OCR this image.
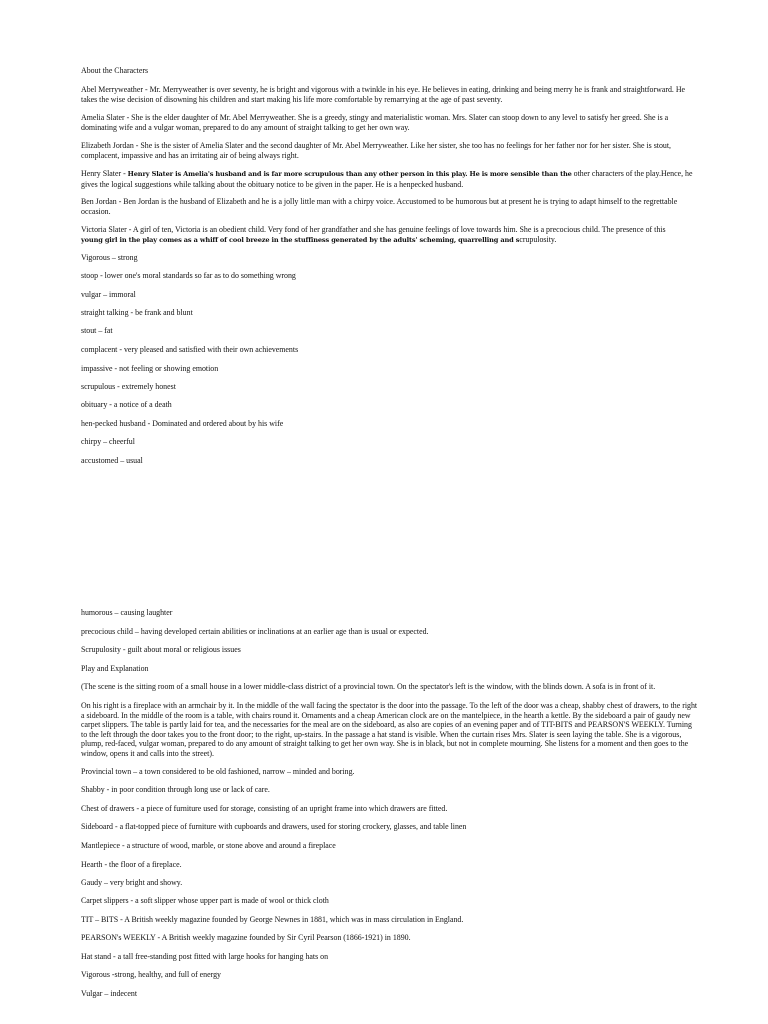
About the Characters

Abel Merryweather - Mr. Merryweather is over seventy, he is bright and vigorous with a twinkle in his eye. He believes in eating, drinking and being merry he is frank and straightforward. He takes the wise decision of disowning his children and start making his life more comfortable by remarrying at the age of past seventy.

Amelia Slater - She is the elder daughter of Mr. Abel Merryweather. She is a greedy, stingy and materialistic woman. Mrs. Slater can stoop down to any level to satisfy her greed. She is a dominating wife and a vulgar woman, prepared to do any amount of straight talking to get her own way.

Elizabeth Jordan - She is the sister of Amelia Slater and the second daughter of Mr. Abel Merryweather. Like her sister, she too has no feelings for her father nor for her sister. She is stout, complacent, impassive and has an irritating air of being always right.

Henry Slater - Henry Slater is Amelia's husband and is far more scrupulous than any other person in this play. He is more sensible than the other characters of the play.Hence, he gives the logical suggestions while talking about the obituary notice to be given in the paper. He is a henpecked husband.

Ben Jordan - Ben Jordan is the husband of Elizabeth and he is a jolly little man with a chirpy voice. Accustomed to be humorous but at present he is trying to adapt himself to the regrettable occasion.

Victoria Slater - A girl of ten, Victoria is an obedient child. Very fond of her grandfather and she has genuine feelings of love towards him. She is a precocious child. The presence of this
young girl in the play comes as a whiff of cool breeze in the stuffiness generated by the adults' scheming, quarrelling and scrupulosity.

Vigorous – strong

stoop - lower one's moral standards so far as to do something wrong

vulgar – immoral

straight talking - be frank and blunt

stout – fat

complacent - very pleased and satisfied with their own achievements

impassive - not feeling or showing emotion

scrupulous - extremely honest

obituary - a notice of a death

hen-pecked husband - Dominated and ordered about by his wife

chirpy – cheerful

accustomed – usual

humorous – causing laughter

precocious child – having developed certain abilities or inclinations at an earlier age than is usual or expected.

Scrupulosity - guilt about moral or religious issues

Play and Explanation

(The scene is the sitting room of a small house in a lower middle-class district of a provincial town. On the spectator's left is the window, with the blinds down. A sofa is in front of it.

On his right is a fireplace with an armchair by it. In the middle of the wall facing the spectator is the door into the passage. To the left of the door was a cheap, shabby chest of drawers, to the right a sideboard. In the middle of the room is a table, with chairs round it. Ornaments and a cheap American clock are on the mantelpiece, in the hearth a kettle. By the sideboard a pair of gaudy new carpet slippers. The table is partly laid for tea, and the necessaries for the meal are on the sideboard, as also are copies of an evening paper and of TIT-BITS and PEARSON'S WEEKLY. Turning to the left through the door takes you to the front door; to the right, up-stairs. In the passage a hat stand is visible. When the curtain rises Mrs. Slater is seen laying the table. She is a vigorous, plump, red-faced, vulgar woman, prepared to do any amount of straight talking to get her own way. She is in black, but not in complete mourning. She listens for a moment and then goes to the window, opens it and calls into the street).

Provincial town – a town considered to be old fashioned, narrow – minded and boring.

Shabby - in poor condition through long use or lack of care.

Chest of drawers - a piece of furniture used for storage, consisting of an upright frame into which drawers are fitted.

Sideboard - a flat-topped piece of furniture with cupboards and drawers, used for storing crockery, glasses, and table linen

Mantlepiece - a structure of wood, marble, or stone above and around a fireplace

Hearth - the floor of a fireplace.

Gaudy – very bright and showy.

Carpet slippers - a soft slipper whose upper part is made of wool or thick cloth

TIT – BITS - A British weekly magazine founded by George Newnes in 1881, which was in mass circulation in England.

PEARSON's WEEKLY - A British weekly magazine founded by Sir Cyril Pearson (1866-1921) in 1890.

Hat stand - a tall free-standing post fitted with large hooks for hanging hats on

Vigorous -strong, healthy, and full of energy

Vulgar – indecent
